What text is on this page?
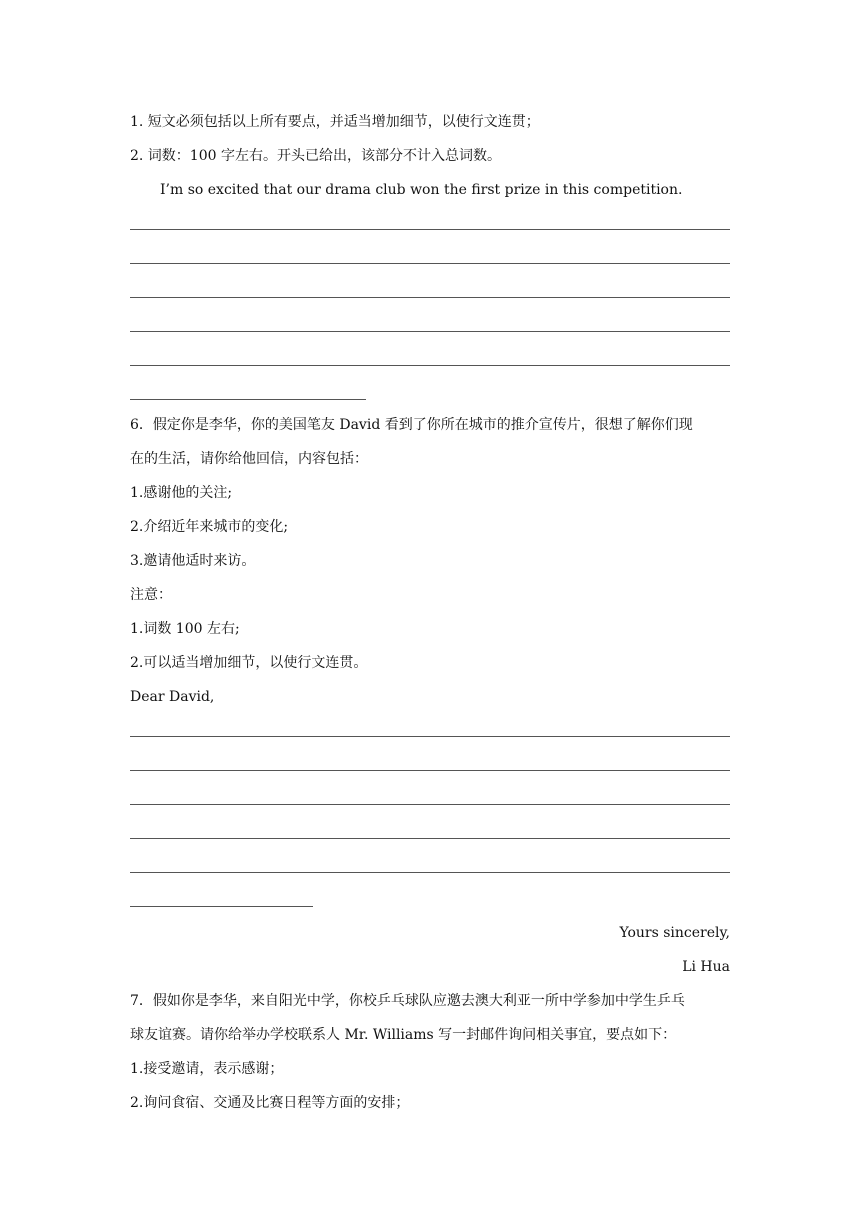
1. 短文必须包括以上所有要点，并适当增加细节，以使行文连贯；
2. 词数：100 字左右。开头已给出，该部分不计入总词数。
I’m so excited that our drama club won the first prize in this competition.
6．假定你是李华，你的美国笔友 David 看到了你所在城市的推介宣传片，很想了解你们现
在的生活，请你给他回信，内容包括：
1.感谢他的关注;
2.介绍近年来城市的变化;
3.邀请他适时来访。
注意：
1.词数 100 左右;
2.可以适当增加细节，以使行文连贯。
Dear David,
Yours sincerely,
Li Hua
7．假如你是李华，来自阳光中学，你校乒乓球队应邀去澳大利亚一所中学参加中学生乒乓
球友谊赛。请你给举办学校联系人 Mr. Williams 写一封邮件询问相关事宜，要点如下：
1.接受邀请，表示感谢；
2.询问食宿、交通及比赛日程等方面的安排；
